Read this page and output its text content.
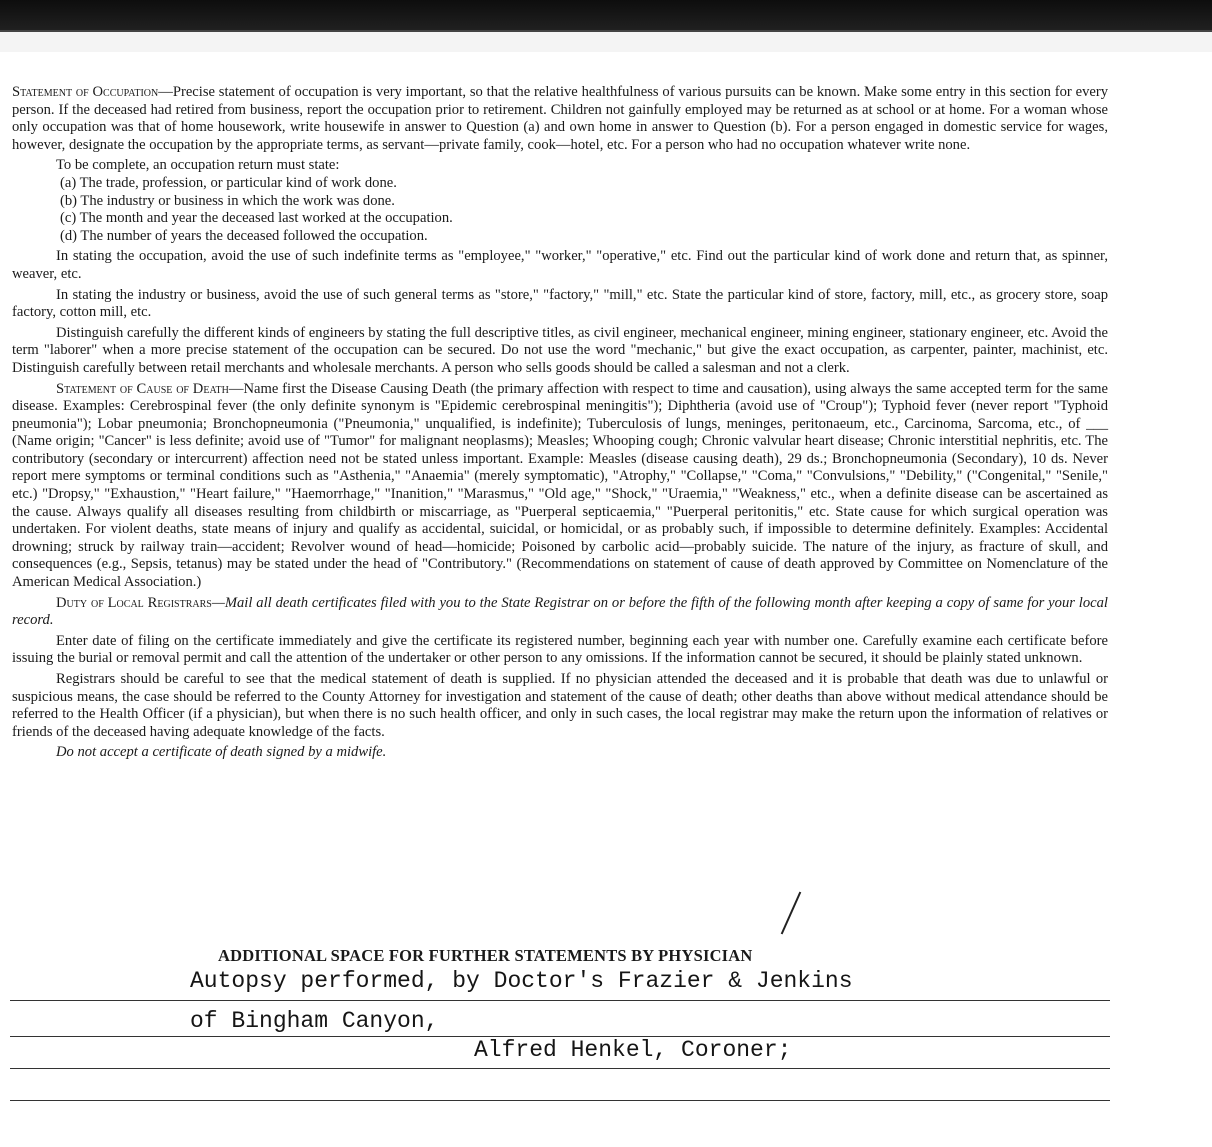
Statement of Occupation—Precise statement of occupation is very important, so that the relative healthfulness of various pursuits can be known. Make some entry in this section for every person. If the deceased had retired from business, report the occupation prior to retirement. Children not gainfully employed may be returned as at school or at home. For a woman whose only occupation was that of home housework, write housewife in answer to Question (a) and own home in answer to Question (b). For a person engaged in domestic service for wages, however, designate the occupation by the appropriate terms, as servant—private family, cook—hotel, etc. For a person who had no occupation whatever write none.

To be complete, an occupation return must state:

(a) The trade, profession, or particular kind of work done.
(b) The industry or business in which the work was done.
(c) The month and year the deceased last worked at the occupation.
(d) The number of years the deceased followed the occupation.

In stating the occupation, avoid the use of such indefinite terms as "employee," "worker," "operative," etc. Find out the particular kind of work done and return that, as spinner, weaver, etc.

In stating the industry or business, avoid the use of such general terms as "store," "factory," "mill," etc. State the particular kind of store, factory, mill, etc., as grocery store, soap factory, cotton mill, etc.

Distinguish carefully the different kinds of engineers by stating the full descriptive titles, as civil engineer, mechanical engineer, mining engineer, stationary engineer, etc. Avoid the term "laborer" when a more precise statement of the occupation can be secured. Do not use the word "mechanic," but give the exact occupation, as carpenter, painter, machinist, etc. Distinguish carefully between retail merchants and wholesale merchants. A person who sells goods should be called a salesman and not a clerk.

Statement of Cause of Death—Name first the Disease Causing Death (the primary affection with respect to time and causation), using always the same accepted term for the same disease. Examples: Cerebrospinal fever (the only definite synonym is "Epidemic cerebrospinal meningitis"); Diphtheria (avoid use of "Croup"); Typhoid fever (never report "Typhoid pneumonia"); Lobar pneumonia; Bronchopneumonia ("Pneumonia," unqualified, is indefinite); Tuberculosis of lungs, meninges, peritonaeum, etc., Carcinoma, Sarcoma, etc., of ___ (Name origin; "Cancer" is less definite; avoid use of "Tumor" for malignant neoplasms); Measles; Whooping cough; Chronic valvular heart disease; Chronic interstitial nephritis, etc. The contributory (secondary or intercurrent) affection need not be stated unless important. Example: Measles (disease causing death), 29 ds.; Bronchopneumonia (Secondary), 10 ds. Never report mere symptoms or terminal conditions such as "Asthenia," "Anaemia" (merely symptomatic), "Atrophy," "Collapse," "Coma," "Convulsions," "Debility," ("Congenital," "Senile," etc.) "Dropsy," "Exhaustion," "Heart failure," "Haemorrhage," "Inanition," "Marasmus," "Old age," "Shock," "Uraemia," "Weakness," etc., when a definite disease can be ascertained as the cause. Always qualify all diseases resulting from childbirth or miscarriage, as "Puerperal septicaemia," "Puerperal peritonitis," etc. State cause for which surgical operation was undertaken. For violent deaths, state means of injury and qualify as accidental, suicidal, or homicidal, or as probably such, if impossible to determine definitely. Examples: Accidental drowning; struck by railway train—accident; Revolver wound of head—homicide; Poisoned by carbolic acid—probably suicide. The nature of the injury, as fracture of skull, and consequences (e.g., Sepsis, tetanus) may be stated under the head of "Contributory." (Recommendations on statement of cause of death approved by Committee on Nomenclature of the American Medical Association.)

Duty of Local Registrars—Mail all death certificates filed with you to the State Registrar on or before the fifth of the following month after keeping a copy of same for your local record.

Enter date of filing on the certificate immediately and give the certificate its registered number, beginning each year with number one. Carefully examine each certificate before issuing the burial or removal permit and call the attention of the undertaker or other person to any omissions. If the information cannot be secured, it should be plainly stated unknown.

Registrars should be careful to see that the medical statement of death is supplied. If no physician attended the deceased and it is probable that death was due to unlawful or suspicious means, the case should be referred to the County Attorney for investigation and statement of the cause of death; other deaths than above without medical attendance should be referred to the Health Officer (if a physician), but when there is no such health officer, and only in such cases, the local registrar may make the return upon the information of relatives or friends of the deceased having adequate knowledge of the facts.

Do not accept a certificate of death signed by a midwife.

ADDITIONAL SPACE FOR FURTHER STATEMENTS BY PHYSICIAN
Autopsy performed, by Doctor's Frazier & Jenkins
of Bingham Canyon,
Alfred Henkel, Coroner;
